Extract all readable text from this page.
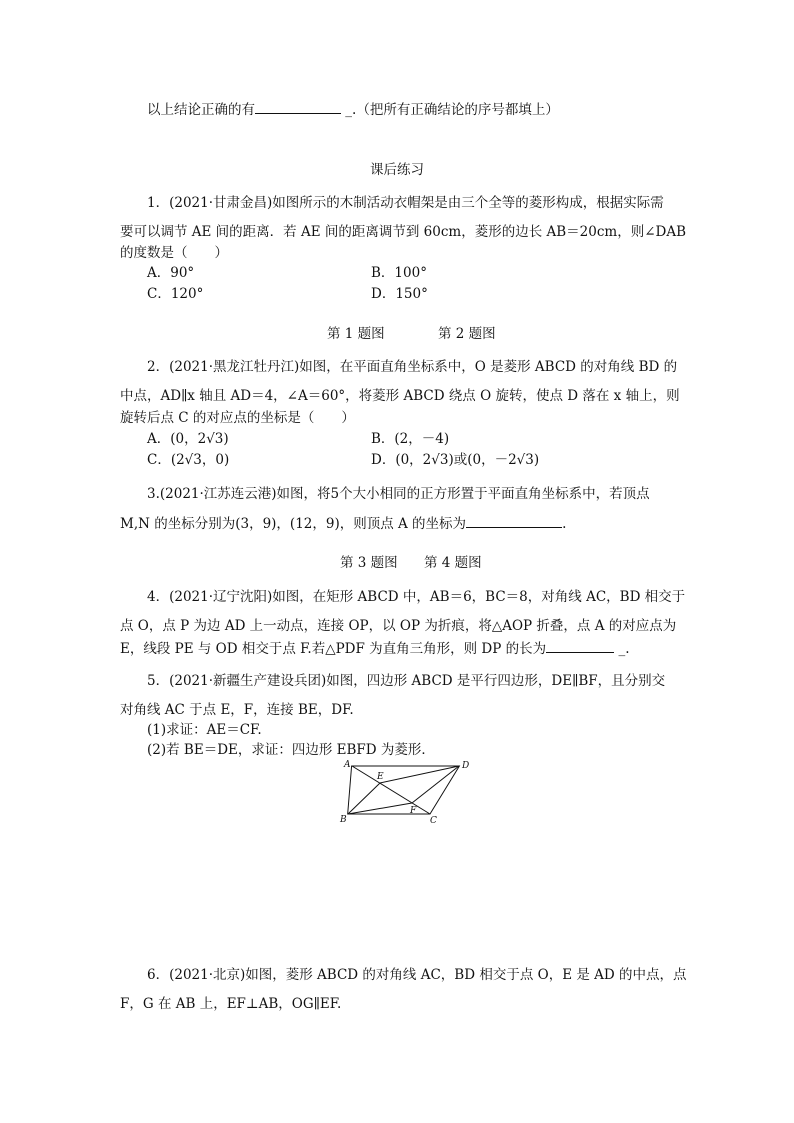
以上结论正确的有	_.（把所有正确结论的序号都填上）
课后练习
1．(2021·甘肃金昌)如图所示的木制活动衣帽架是由三个全等的菱形构成，根据实际需
要可以调节 AE 间的距离．若 AE 间的距离调节到 60cm，菱形的边长 AB＝20cm，则∠DAB
的度数是（　　）
A．90°	B．100°
C．120°	D．150°
第 1 题图	第 2 题图
2．(2021·黑龙江牡丹江)如图，在平面直角坐标系中，O 是菱形 ABCD 的对角线 BD 的
中点，AD∥x 轴且 AD＝4，∠A＝60°，将菱形 ABCD 绕点 O 旋转，使点 D 落在 x 轴上，则
旋转后点 C 的对应点的坐标是（　　）
A．(0，2√3)	B．(2，－4)
C．(2√3，0)	D．(0，2√3)或(0，－2√3)
3.(2021·江苏连云港)如图，将5个大小相同的正方形置于平面直角坐标系中，若顶点
M,N 的坐标分别为(3，9)，(12，9)，则顶点 A 的坐标为	.
第 3 题图 第 4 题图
4．(2021·辽宁沈阳)如图，在矩形 ABCD 中，AB＝6，BC＝8，对角线 AC，BD 相交于
点 O，点 P 为边 AD 上一动点，连接 OP，以 OP 为折痕，将△AOP 折叠，点 A 的对应点为
E，线段 PE 与 OD 相交于点 F.若△PDF 为直角三角形，则 DP 的长为	_.
5．(2021·新疆生产建设兵团)如图，四边形 ABCD 是平行四边形，DE∥BF，且分别交
对角线 AC 于点 E，F，连接 BE，DF.
(1)求证：AE＝CF.
(2)若 BE＝DE，求证：四边形 EBFD 为菱形．
A	D
E
F
B	C
6．(2021·北京)如图，菱形 ABCD 的对角线 AC，BD 相交于点 O，E 是 AD 的中点，点
F，G 在 AB 上，EF⊥AB，OG∥EF.
